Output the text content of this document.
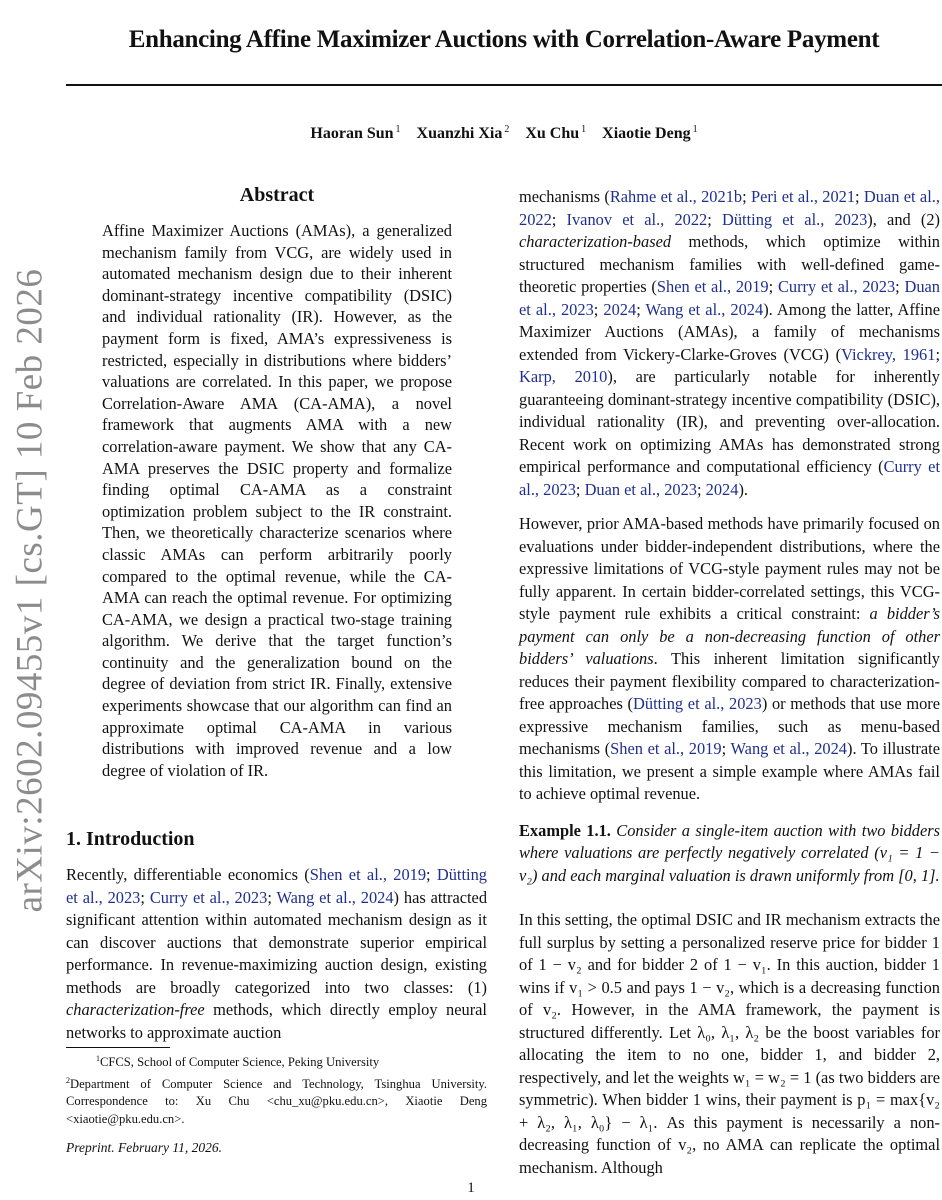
arXiv:2602.09455v1 [cs.GT] 10 Feb 2026
Enhancing Affine Maximizer Auctions with Correlation-Aware Payment
Haoran Sun $^1$ Xuanzhi Xia $^2$ Xu Chu $^1$ Xiaotie Deng $^1$
Abstract
Affine Maximizer Auctions (AMAs), a generalized mechanism family from VCG, are widely used in automated mechanism design due to their inherent dominant-strategy incentive compatibility (DSIC) and individual rationality (IR). However, as the payment form is fixed, AMA’s expressiveness is restricted, especially in distributions where bidders’ valuations are correlated. In this paper, we propose Correlation-Aware AMA (CA-AMA), a novel framework that augments AMA with a new correlation-aware payment. We show that any CA-AMA preserves the DSIC property and formalize finding optimal CA-AMA as a constraint optimization problem subject to the IR constraint. Then, we theoretically characterize scenarios where classic AMAs can perform arbitrarily poorly compared to the optimal revenue, while the CA-AMA can reach the optimal revenue. For optimizing CA-AMA, we design a practical two-stage training algorithm. We derive that the target function’s continuity and the generalization bound on the degree of deviation from strict IR. Finally, extensive experiments showcase that our algorithm can find an approximate optimal CA-AMA in various distributions with improved revenue and a low degree of violation of IR.
1. Introduction

Recently, differentiable economics (Shen et al., 2019; Dütting et al., 2023; Curry et al., 2023; Wang et al., 2024) has attracted significant attention within automated mechanism design as it can discover auctions that demonstrate superior empirical performance. In revenue-maximizing auction design, existing methods are broadly categorized into two classes: (1) characterization-free methods, which directly employ neural networks to approximate auction

$^1$CFCS, School of Computer Science, Peking University

$^2$Department of Computer Science and Technology, Tsinghua University. Correspondence to: Xu Chu <chu_xu@pku.edu.cn>, Xiaotie Deng <xiaotie@pku.edu.cn>.

Preprint. February 11, 2026.

mechanisms (Rahme et al., 2021b; Peri et al., 2021; Duan et al., 2022; Ivanov et al., 2022; Dütting et al., 2023), and (2) characterization-based methods, which optimize within structured mechanism families with well-defined game-theoretic properties (Shen et al., 2019; Curry et al., 2023; Duan et al., 2023; 2024; Wang et al., 2024). Among the latter, Affine Maximizer Auctions (AMAs), a family of mechanisms extended from Vickery-Clarke-Groves (VCG) (Vickrey, 1961; Karp, 2010), are particularly notable for inherently guaranteeing dominant-strategy incentive compatibility (DSIC), individual rationality (IR), and preventing over-allocation. Recent work on optimizing AMAs has demonstrated strong empirical performance and computational efficiency (Curry et al., 2023; Duan et al., 2023; 2024).

However, prior AMA-based methods have primarily focused on evaluations under bidder-independent distributions, where the expressive limitations of VCG-style payment rules may not be fully apparent. In certain bidder-correlated settings, this VCG-style payment rule exhibits a critical constraint: a bidder’s payment can only be a non-decreasing function of other bidders’ valuations. This inherent limitation significantly reduces their payment flexibility compared to characterization-free approaches (Dütting et al., 2023) or methods that use more expressive mechanism families, such as menu-based mechanisms (Shen et al., 2019; Wang et al., 2024). To illustrate this limitation, we present a simple example where AMAs fail to achieve optimal revenue.

Example 1.1. Consider a single-item auction with two bidders where valuations are perfectly negatively correlated (v₁ = 1 − v₂) and each marginal valuation is drawn uniformly from [0, 1].

In this setting, the optimal DSIC and IR mechanism extracts the full surplus by setting a personalized reserve price for bidder 1 of 1 − v₂ and for bidder 2 of 1 − v₁. In this auction, bidder 1 wins if v₁ > 0.5 and pays 1 − v₂, which is a decreasing function of v₂. However, in the AMA framework, the payment is structured differently. Let λ₀, λ₁, λ₂ be the boost variables for allocating the item to no one, bidder 1, and bidder 2, respectively, and let the weights w₁ = w₂ = 1 (as two bidders are symmetric). When bidder 1 wins, their payment is p₁ = max{v₂ + λ₂, λ₁, λ₀} − λ₁. As this payment is necessarily a non-decreasing function of v₂, no AMA can replicate the optimal mechanism. Although

1
